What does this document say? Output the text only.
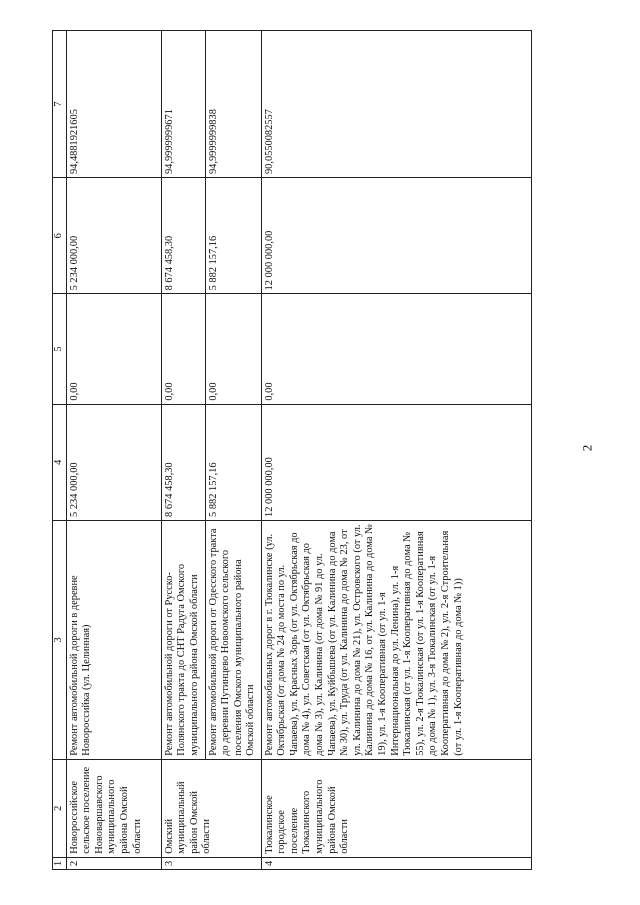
2
1	2	3	4	5	6	7
2	Новороссийское сельское поселение Нововаршавского муниципального района Омской области	Ремонт автомобильной дороги в деревне Новороссийка (ул. Целинная)	5 234 000,00	0,00	5 234 000,00	94,4881921605
3	Омский муниципальный район Омской области	Ремонт автомобильной дороги от Русско-Полянского тракта до СНТ Радуга Омского муниципального района Омской области	8 674 458,30	0,00	8 674 458,30	94,9999999671
		Ремонт автомобильной дороги от Одесского тракта до деревни Путинцево Новоомского сельского поселения Омского муниципального района Омской области	5 882 157,16	0,00	5 882 157,16	94,9999999838
4	Тюкалинское городское поселение Тюкалинского муниципального района Омской области	Ремонт автомобильных дорог в г. Тюкалинске (ул. Октябрьская (от дома № 24 до моста по ул. Чапаева), ул. Красных Зорь (от ул. Октябрьская до дома № 4), ул. Советская (от ул. Октябрьская до дома № 3), ул. Калинина (от дома № 91 до ул. Чапаева), ул. Куйбышева (от ул. Калинина до дома № 30), ул. Труда (от ул. Калинина до дома № 23, от ул. Калинина до дома № 21), ул. Островского (от ул. Калинина до дома № 16, от ул. Калинина до дома № 19), ул. 1-я Кооперативная (от ул. 1-я Интернациональная до ул. Ленина), ул. 1-я Тюкалинская (от ул. 1-я Кооперативная до дома № 55), ул. 2-я Тюкалинская (от ул. 1-я Кооперативная до дома № 1), ул. 3-я Тюкалинская (от ул. 1-я Кооперативная до дома № 2), ул. 2-я Строительная (от ул. 1-я Кооперативная до дома № 1))	12 000 000,00	0,00	12 000 000,00	90,0550082557
